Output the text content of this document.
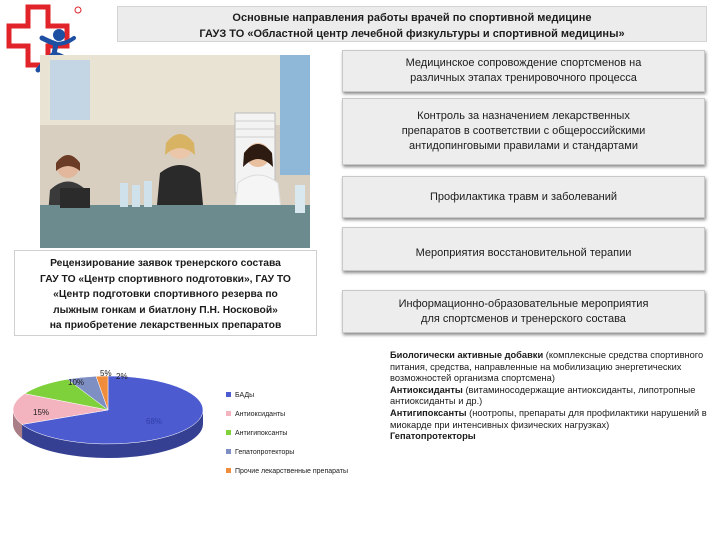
Основные направления работы врачей по спортивной медицине
ГАУЗ ТО «Областной центр лечебной физкультуры и спортивной медицины»
Медицинское сопровождение спортсменов на
различных этапах тренировочного процесса
Контроль за назначением лекарственных
препаратов в соответствии с общероссийскими
антидопинговыми правилами и стандартами
Профилактика травм и заболеваний
Мероприятия восстановительной терапии
Информационно-образовательные мероприятия
для спортсменов и тренерского состава
Рецензирование заявок тренерского состава
ГАУ ТО «Центр спортивного подготовки», ГАУ ТО
«Центр подготовки спортивного резерва по
лыжным гонкам и биатлону П.Н. Носковой»
на приобретение лекарственных препаратов
68%
15%
10%
5% 2%
БАДы
Антиоксиданты
Антигипоксанты
Гепатопротекторы
Прочие лекарственные препараты

Биологически активные добавки (комплексные средства спортивного питания, средства, направленные на мобилизацию энергетических возможностей организма спортсмена)

Антиоксиданты (витаминосодержащие антиоксиданты, липотропные антиоксиданты и др.)

Антигипоксанты (ноотропы, препараты для профилактики нарушений в миокарде при интенсивных физических нагрузках)

Гепатопротекторы
